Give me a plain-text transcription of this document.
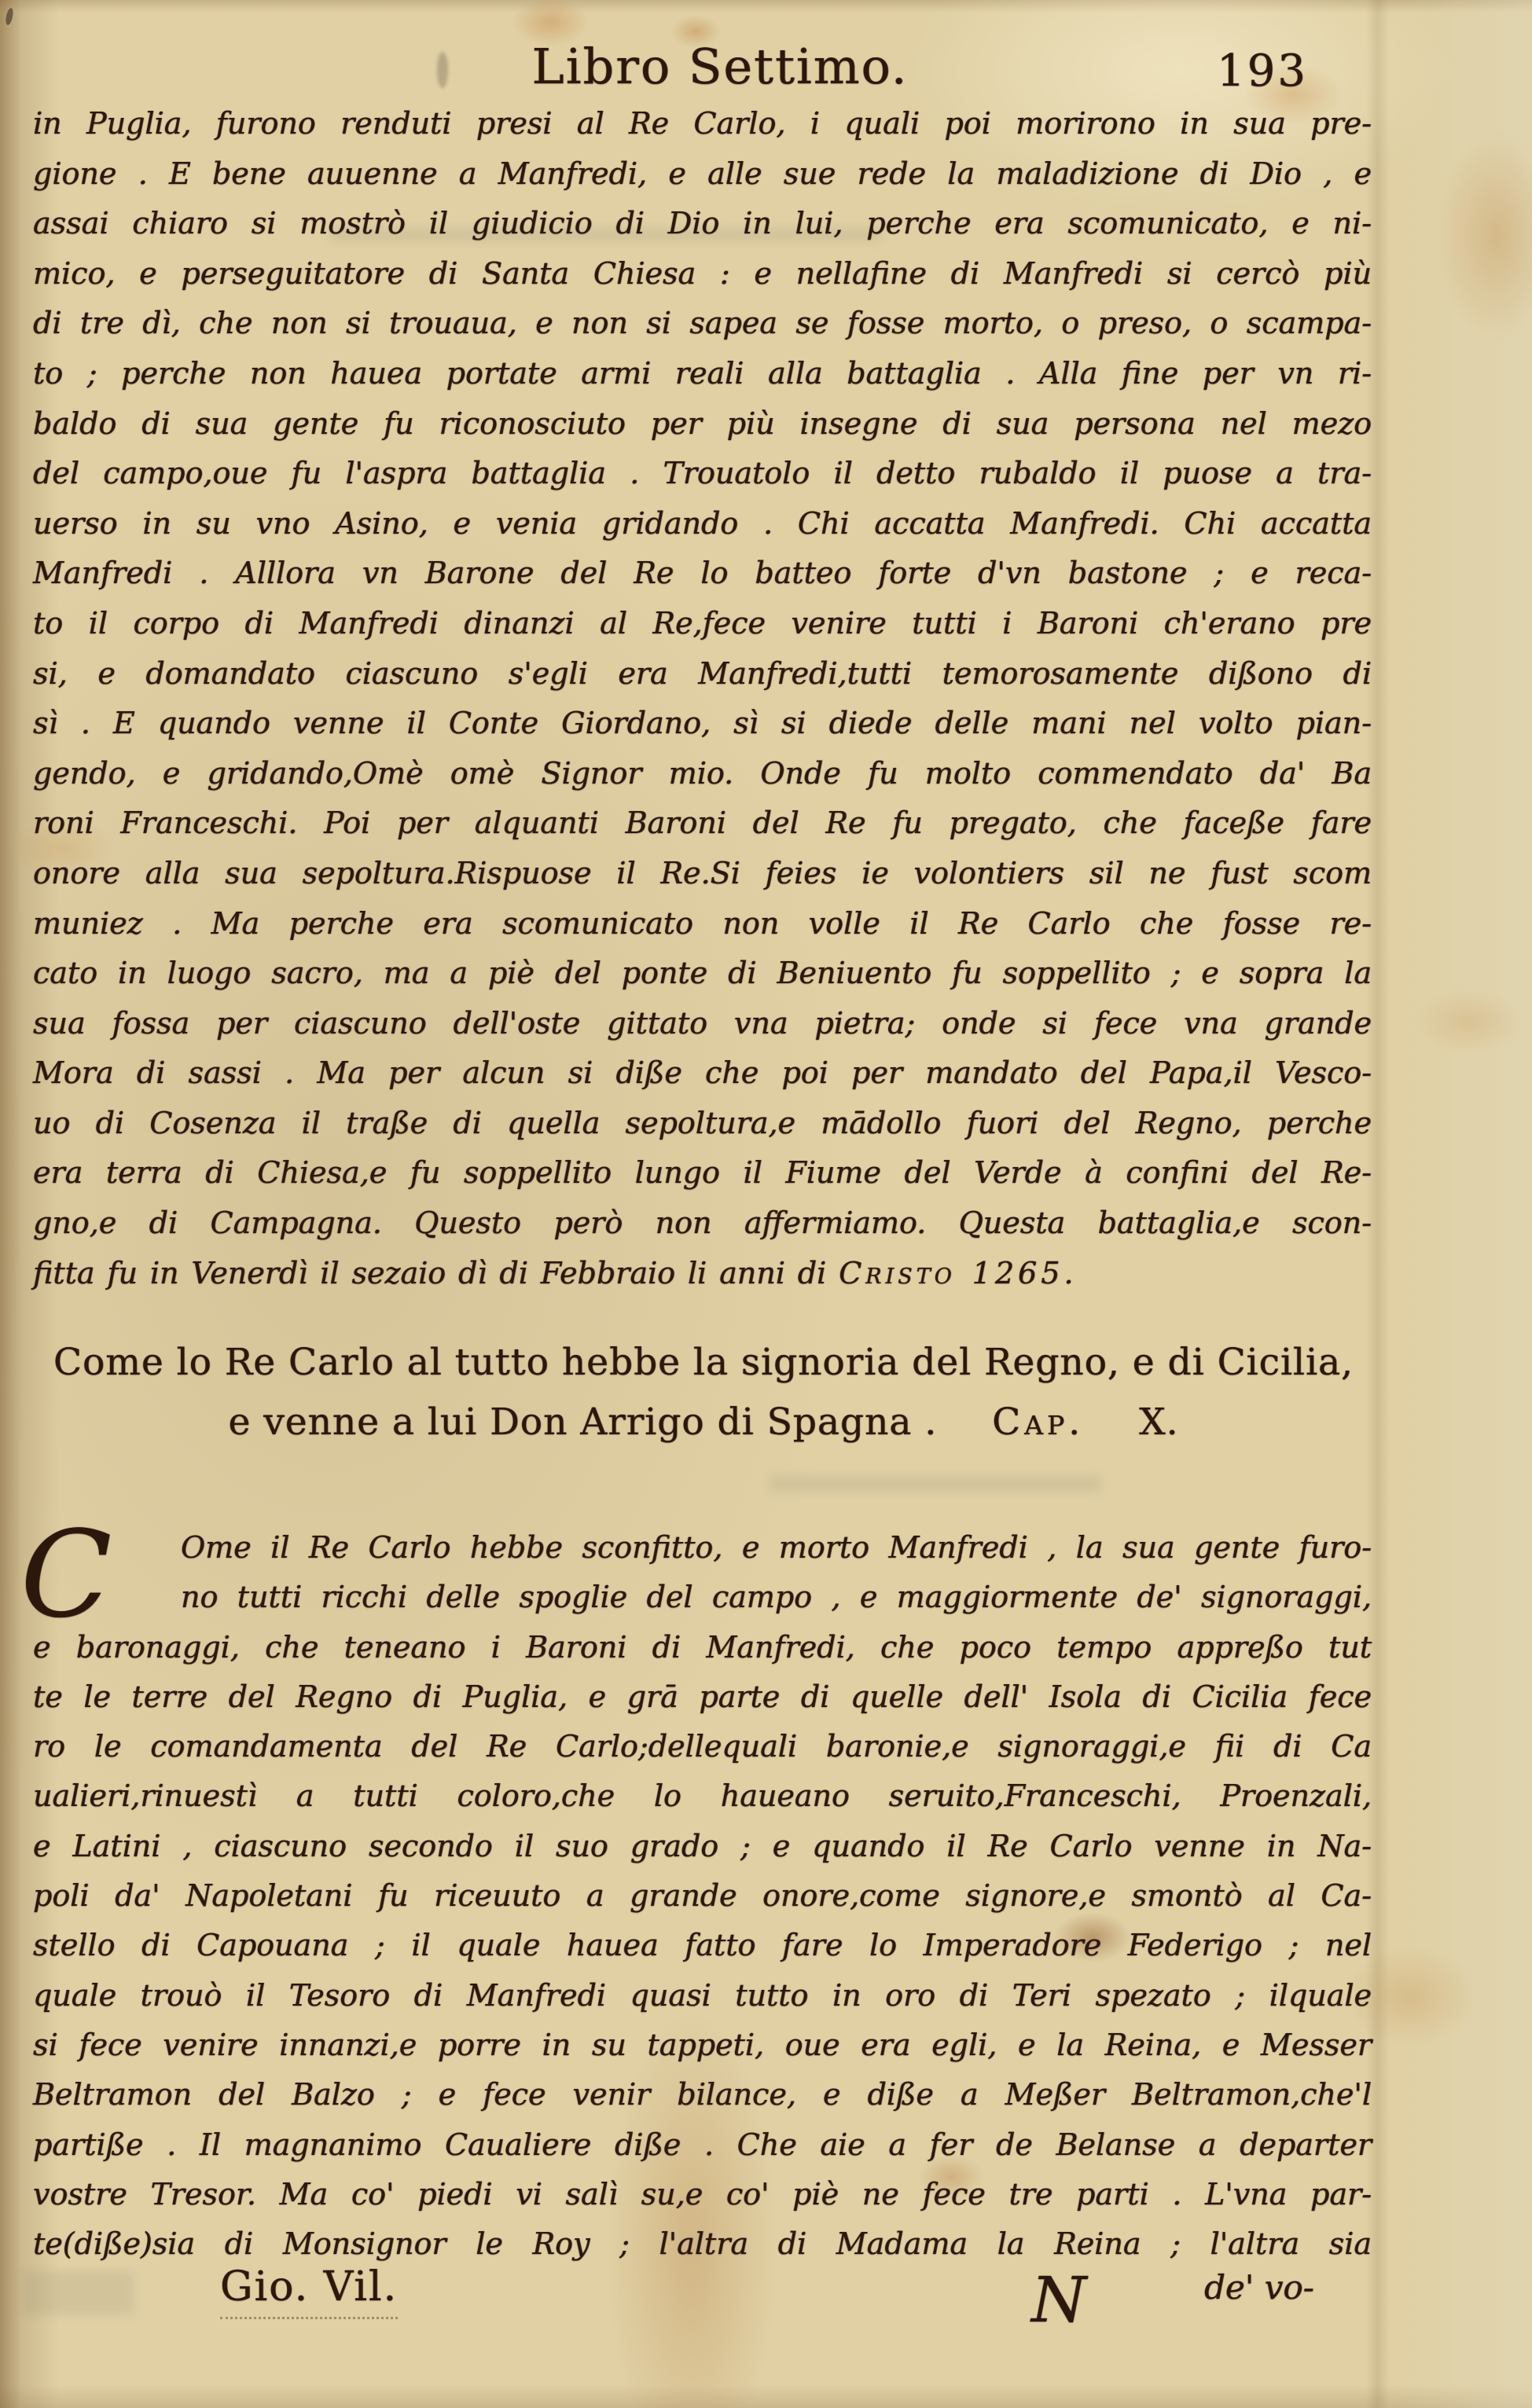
Libro Settimo.	193
in Puglia, furono renduti presi al Re Carlo, i quali poi morirono in sua pre-
gione . E bene auuenne a Manfredi, e alle sue rede la maladizione di Dio , e
assai chiaro si mostrò il giudicio di Dio in lui, perche era scomunicato, e ni-
mico, e perseguitatore di Santa Chiesa : e nellafine di Manfredi si cercò più
di tre dì, che non si trouaua, e non si sapea se fosse morto, o preso, o scampa-
to ; perche non hauea portate armi reali alla battaglia . Alla fine per vn ri-
baldo di sua gente fu riconosciuto per più insegne di sua persona nel mezo
del campo,oue fu l'aspra battaglia . Trouatolo il detto rubaldo il puose a tra-
uerso in su vno Asino, e venia gridando . Chi accatta Manfredi. Chi accatta
Manfredi . Alllora vn Barone del Re lo batteo forte d'vn bastone ; e reca-
to il corpo di Manfredi dinanzi al Re,fece venire tutti i Baroni ch'erano pre
si, e domandato ciascuno s'egli era Manfredi,tutti temorosamente dißono di
sì . E quando venne il Conte Giordano, sì si diede delle mani nel volto pian-
gendo, e gridando,Omè omè Signor mio. Onde fu molto commendato da' Ba
roni Franceschi. Poi per alquanti Baroni del Re fu pregato, che faceße fare
onore alla sua sepoltura.Rispuose il Re.Si feies ie volontiers sil ne fust scom
muniez . Ma perche era scomunicato non volle il Re Carlo che fosse re-
cato in luogo sacro, ma a piè del ponte di Beniuento fu soppellito ; e sopra la
sua fossa per ciascuno dell'oste gittato vna pietra; onde si fece vna grande
Mora di sassi . Ma per alcun si diße che poi per mandato del Papa,il Vesco-
uo di Cosenza il traße di quella sepoltura,e mādollo fuori del Regno, perche
era terra di Chiesa,e fu soppellito lungo il Fiume del Verde à confini del Re-
gno,e di Campagna. Questo però non affermiamo. Questa battaglia,e scon-
fitta fu in Venerdì il sezaio dì di Febbraio li anni di Cristo 1265.
Come lo Re Carlo al tutto hebbe la signoria del Regno, e di Cicilia,
e venne a lui Don Arrigo di Spagna . Cap. X.
C	Ome il Re Carlo hebbe sconfitto, e morto Manfredi , la sua gente furo-
no tutti ricchi delle spoglie del campo , e maggiormente de' signoraggi,
e baronaggi, che teneano i Baroni di Manfredi, che poco tempo appreßo tut
te le terre del Regno di Puglia, e grā parte di quelle dell' Isola di Cicilia fece
ro le comandamenta del Re Carlo;dellequali baronie,e signoraggi,e fii di Ca
ualieri,rinuestì a tutti coloro,che lo haueano seruito,Franceschi, Proenzali,
e Latini , ciascuno secondo il suo grado ; e quando il Re Carlo venne in Na-
poli da' Napoletani fu riceuuto a grande onore,come signore,e smontò al Ca-
stello di Capouana ; il quale hauea fatto fare lo Imperadore Federigo ; nel
quale trouò il Tesoro di Manfredi quasi tutto in oro di Teri spezato ; ilquale
si fece venire innanzi,e porre in su tappeti, oue era egli, e la Reina, e Messer
Beltramon del Balzo ; e fece venir bilance, e diße a Meßer Beltramon,che'l
partiße . Il magnanimo Caualiere diße . Che aie a fer de Belanse a departer
vostre Tresor. Ma co' piedi vi salì su,e co' piè ne fece tre parti . L'vna par-
te(diße)sia di Monsignor le Roy ; l'altra di Madama la Reina ; l'altra sia
Gio. Vil.	N	de' vo-
